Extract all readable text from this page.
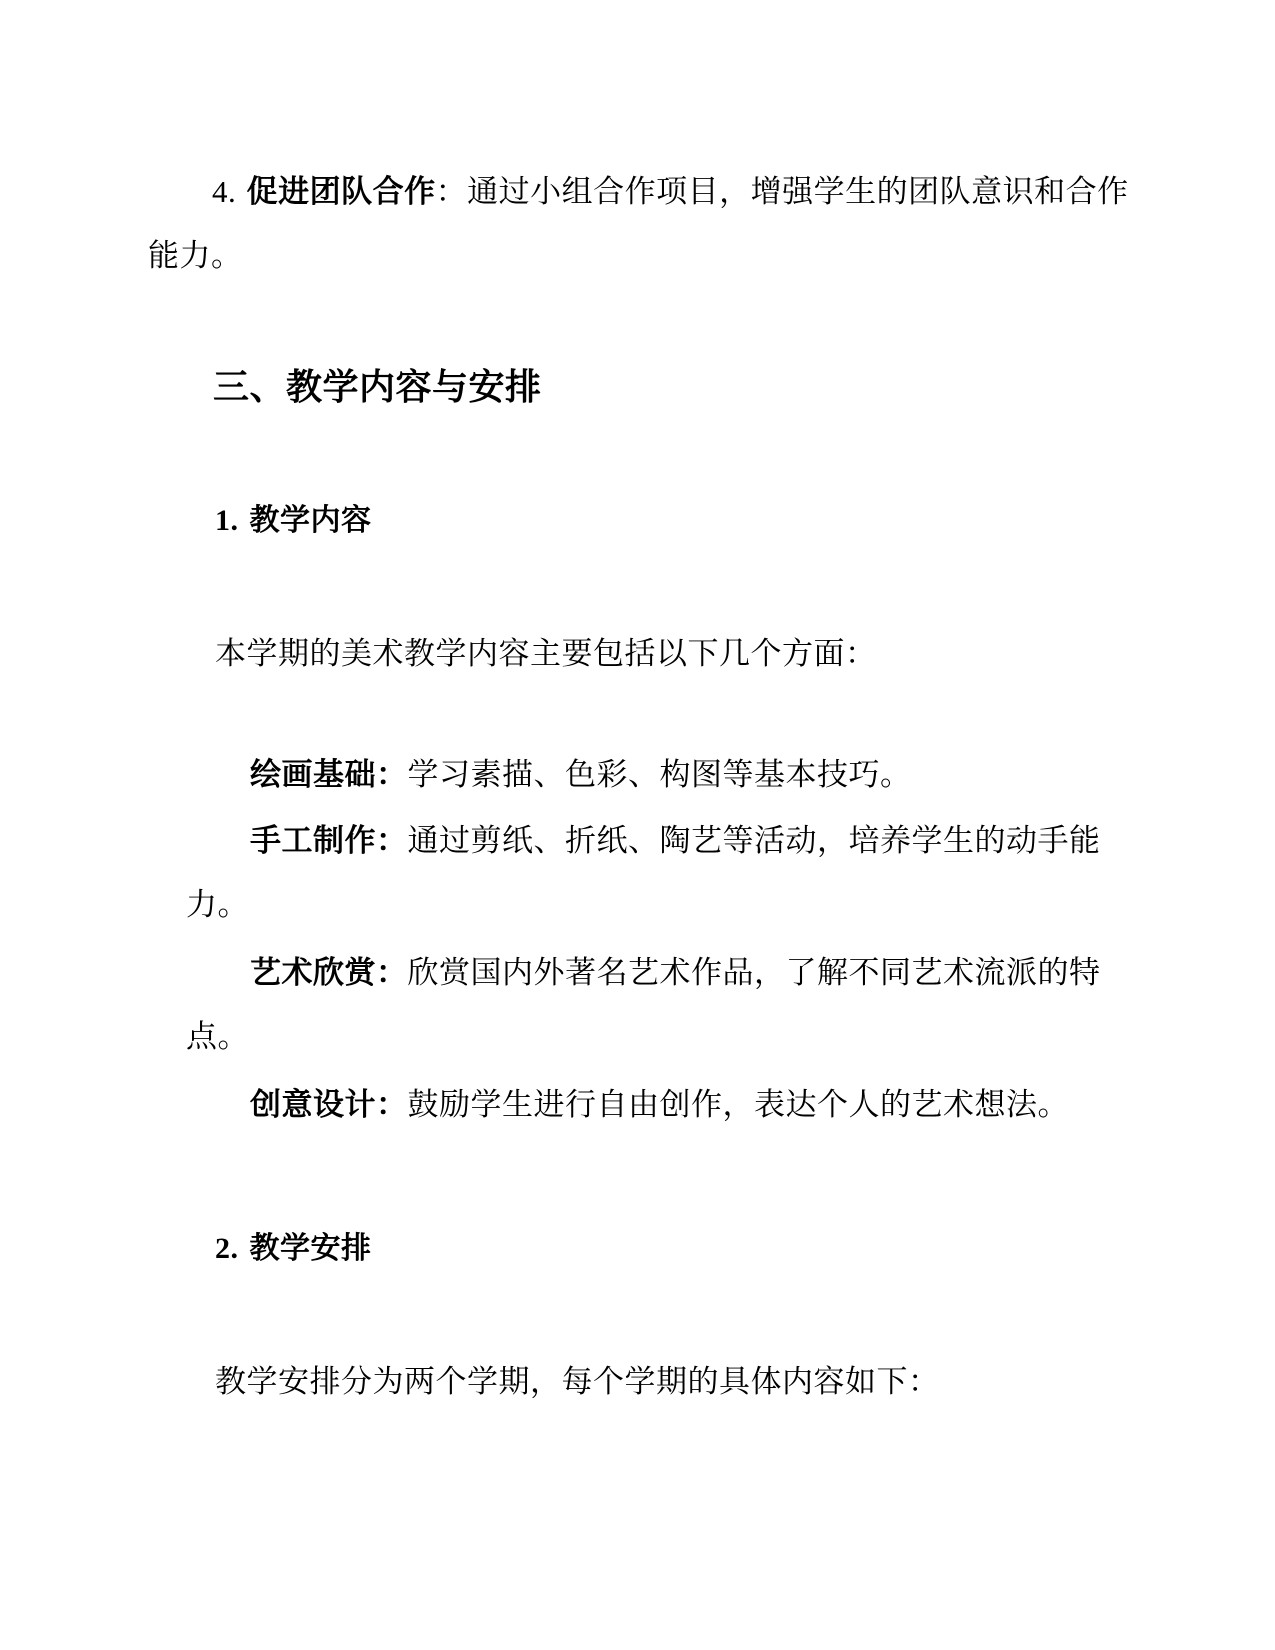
4. 促进团队合作：通过小组合作项目，增强学生的团队意识和合作能力。

三、教学内容与安排
1. 教学内容

本学期的美术教学内容主要包括以下几个方面：

绘画基础：学习素描、色彩、构图等基本技巧。

手工制作：通过剪纸、折纸、陶艺等活动，培养学生的动手能力。

艺术欣赏：欣赏国内外著名艺术作品，了解不同艺术流派的特点。

创意设计：鼓励学生进行自由创作，表达个人的艺术想法。

2. 教学安排

教学安排分为两个学期，每个学期的具体内容如下：
